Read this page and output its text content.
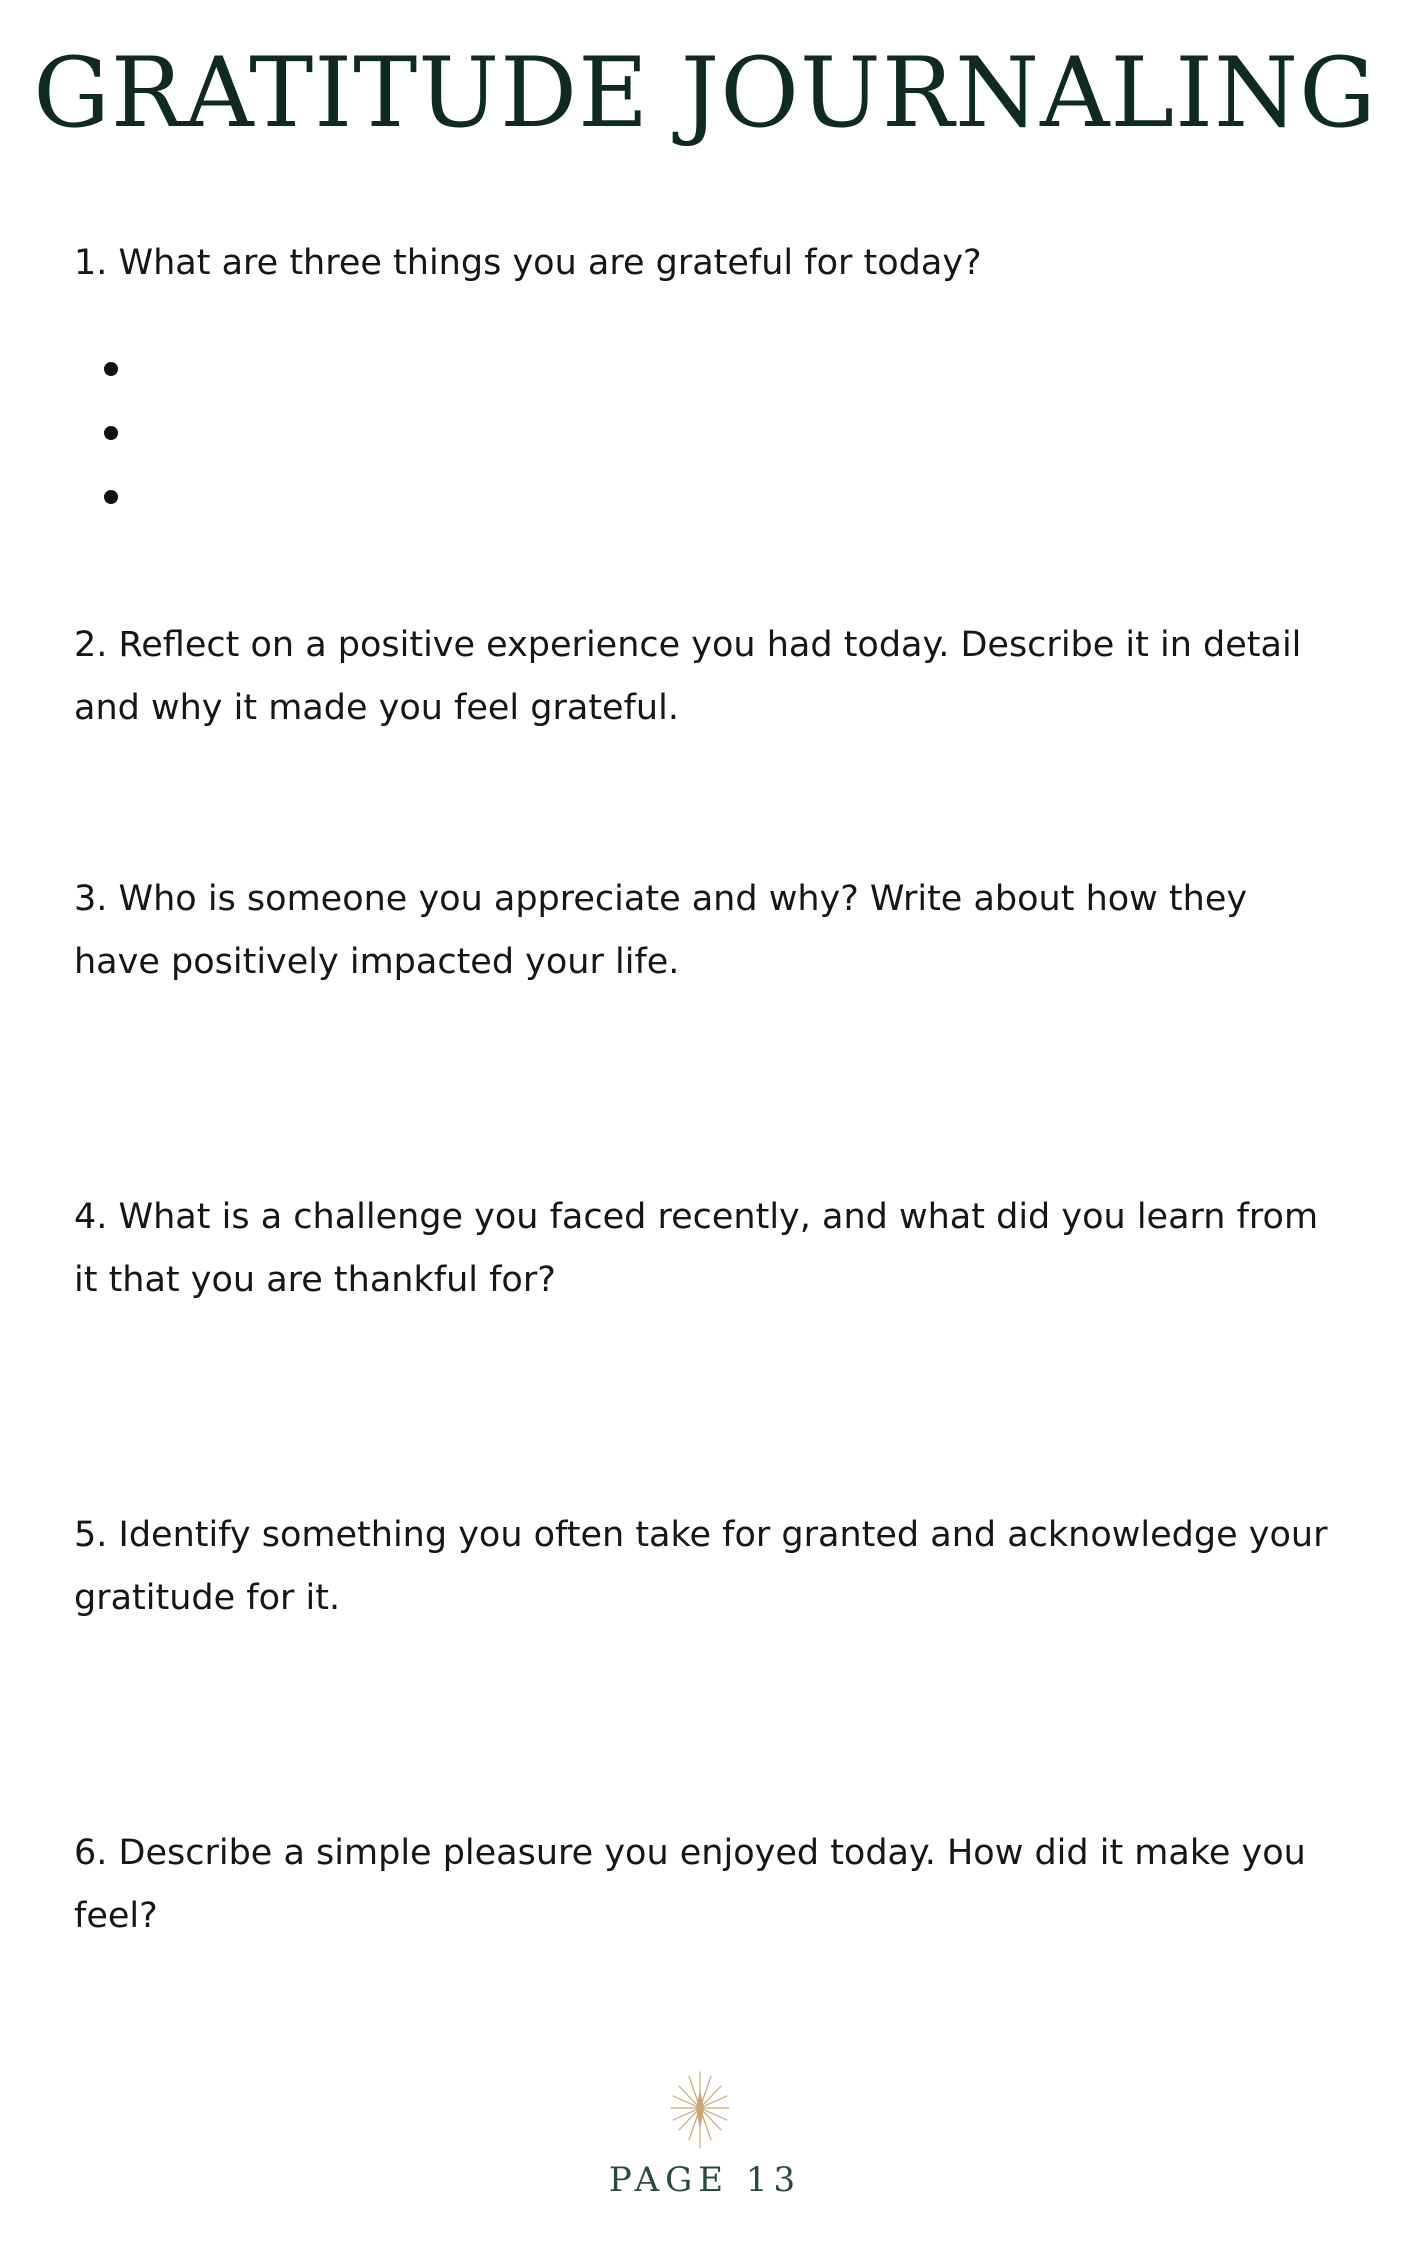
GRATITUDE JOURNALING

1. What are three things you are grateful for today?

2. Reflect on a positive experience you had today. Describe it in detail and why it made you feel grateful.

3. Who is someone you appreciate and why? Write about how they have positively impacted your life.

4. What is a challenge you faced recently, and what did you learn from it that you are thankful for?

5. Identify something you often take for granted and acknowledge your gratitude for it.

6. Describe a simple pleasure you enjoyed today. How did it make you feel?

PAGE 13
